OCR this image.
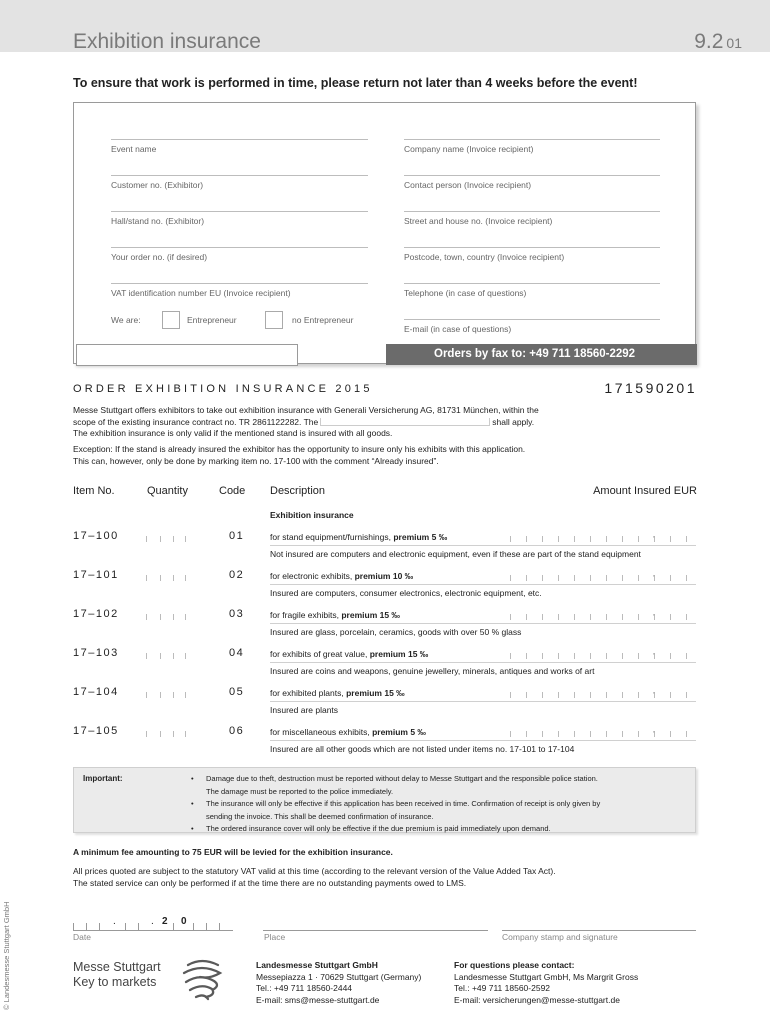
Exhibition insurance	9.2 01
To ensure that work is performed in time, please return not later than 4 weeks before the event!
Event name
Customer no. (Exhibitor)
Hall/stand no. (Exhibitor)
Your order no. (if desired)
VAT identification number EU (Invoice recipient)
We are:	Entrepreneur	no Entrepreneur
Company name (Invoice recipient)
Contact person (Invoice recipient)
Street and house no. (Invoice recipient)
Postcode, town, country (Invoice recipient)
Telephone (in case of questions)
E-mail (in case of questions)
Orders by fax to: +49 711 18560-2292
ORDER EXHIBITION INSURANCE 2015	171590201
Messe Stuttgart offers exhibitors to take out exhibition insurance with Generali Versicherung AG, 81731 München, within the
scope of the existing insurance contract no. TR 2861122282. The	shall apply.
The exhibition insurance is only valid if the mentioned stand is insured with all goods.
Exception: If the stand is already insured the exhibitor has the opportunity to insure only his exhibits with this application.
This can, however, only be done by marking item no. 17-100 with the comment “Already insured”.
Item No.	Quantity	Code Description	Amount Insured EUR
Exhibition insurance
17–100	01	for stand equipment/furnishings, premium 5 ‰	,
Not insured are computers and electronic equipment, even if these are part of the stand equipment
17–101	02	for electronic exhibits, premium 10 ‰	,
Insured are computers, consumer electronics, electronic equipment, etc.
17–102	03	for fragile exhibits, premium 15 ‰	,
Insured are glass, porcelain, ceramics, goods with over 50 % glass
17–103	04	for exhibits of great value, premium 15 ‰	,
Insured are coins and weapons, genuine jewellery, minerals, antiques and works of art
17–104	05	for exhibited plants, premium 15 ‰	,
Insured are plants
17–105	06	for miscellaneous exhibits, premium 5 ‰	,
Insured are all other goods which are not listed under items no. 17-101 to 17-104
Important:
•	Damage due to theft, destruction must be reported without delay to Messe Stuttgart and the responsible police station.
The damage must be reported to the police immediately.
• The insurance will only be effective if this application has been received in time. Confirmation of receipt is only given by
sending the invoice. This shall be deemed confirmation of insurance.
• The ordered insurance cover will only be effective if the due premium is paid immediately upon demand.
A minimum fee amounting to 75 EUR will be levied for the exhibition insurance.
All prices quoted are subject to the statutory VAT valid at this time (according to the relevant version of the Value Added Tax Act).
The stated service can only be performed if at the time there are no outstanding payments owed to LMS.
.	. 2 0
Date	Place	Company stamp and signature
© Landesmesse Stuttgart GmbH	Messe Stuttgart
Key to markets
Landesmesse Stuttgart GmbH
Messepiazza 1 · 70629 Stuttgart (Germany)
Tel.: +49 711 18560-2444
E-mail: sms@messe-stuttgart.de
For questions please contact:
Landesmesse Stuttgart GmbH, Ms Margrit Gross
Tel.: +49 711 18560-2592
E-mail: versicherungen@messe-stuttgart.de
